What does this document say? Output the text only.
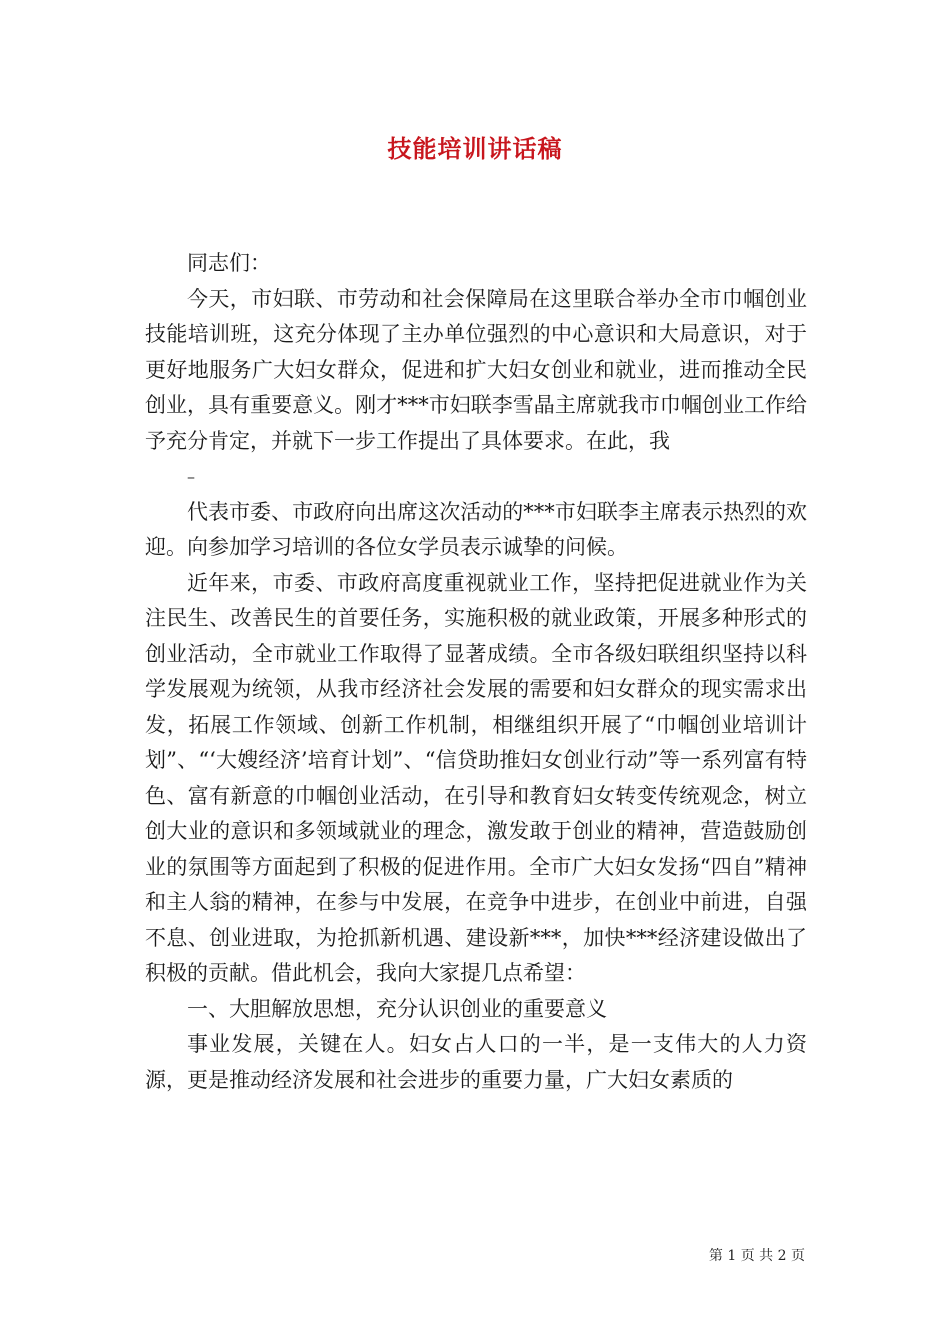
技能培训讲话稿

同志们：

今天，市妇联、市劳动和社会保障局在这里联合举办全市巾帼创业技能培训班，这充分体现了主办单位强烈的中心意识和大局意识，对于更好地服务广大妇女群众，促进和扩大妇女创业和就业，进而推动全民创业，具有重要意义。刚才***市妇联李雪晶主席就我市巾帼创业工作给予充分肯定，并就下一步工作提出了具体要求。在此，我

–

代表市委、市政府向出席这次活动的***市妇联李主席表示热烈的欢迎。向参加学习培训的各位女学员表示诚挚的问候。

近年来，市委、市政府高度重视就业工作，坚持把促进就业作为关注民生、改善民生的首要任务，实施积极的就业政策，开展多种形式的创业活动，全市就业工作取得了显著成绩。全市各级妇联组织坚持以科学发展观为统领，从我市经济社会发展的需要和妇女群众的现实需求出发，拓展工作领域、创新工作机制，相继组织开展了“巾帼创业培训计划”、“‘大嫂经济’培育计划”、“信贷助推妇女创业行动”等一系列富有特色、富有新意的巾帼创业活动，在引导和教育妇女转变传统观念，树立创大业的意识和多领域就业的理念，激发敢于创业的精神，营造鼓励创业的氛围等方面起到了积极的促进作用。全市广大妇女发扬“四自”精神和主人翁的精神，在参与中发展，在竞争中进步，在创业中前进，自强不息、创业进取，为抢抓新机遇、建设新***，加快***经济建设做出了积极的贡献。借此机会，我向大家提几点希望：

一、大胆解放思想，充分认识创业的重要意义

事业发展，关键在人。妇女占人口的一半，是一支伟大的人力资源，更是推动经济发展和社会进步的重要力量，广大妇女素质的

第 1 页 共 2 页
